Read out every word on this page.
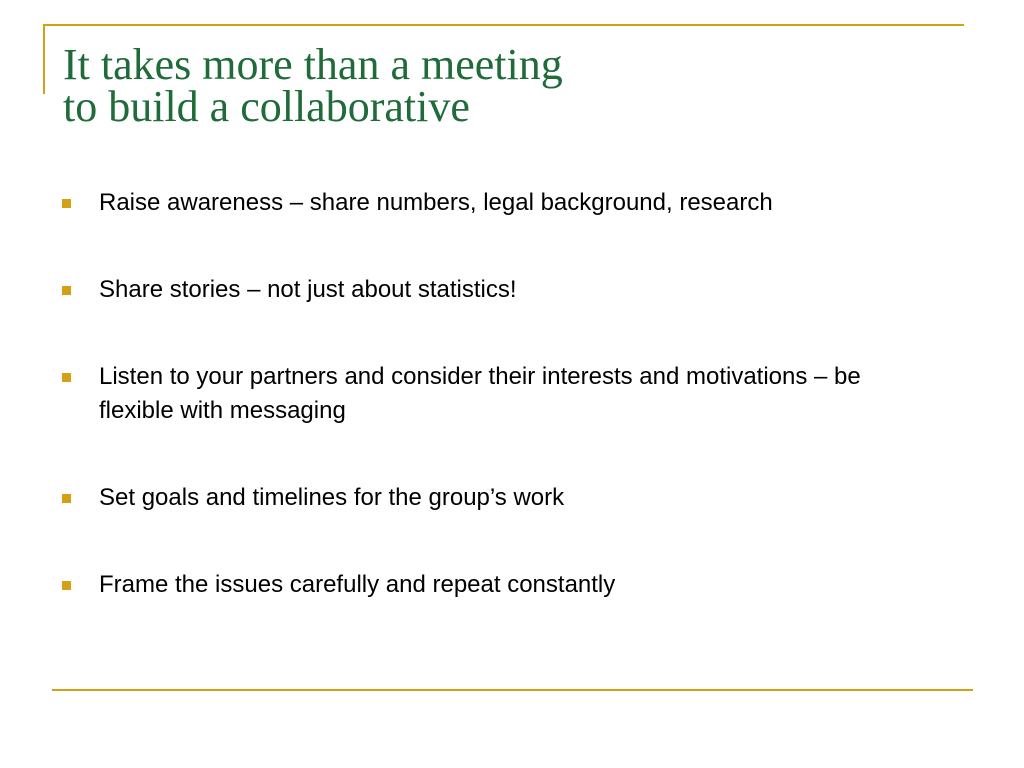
It takes more than a meeting
to build a collaborative
Raise awareness – share numbers, legal background, research
Share stories – not just about statistics!
Listen to your partners and consider their interests and motivations – be flexible with messaging
Set goals and timelines for the group’s work
Frame the issues carefully and repeat constantly
